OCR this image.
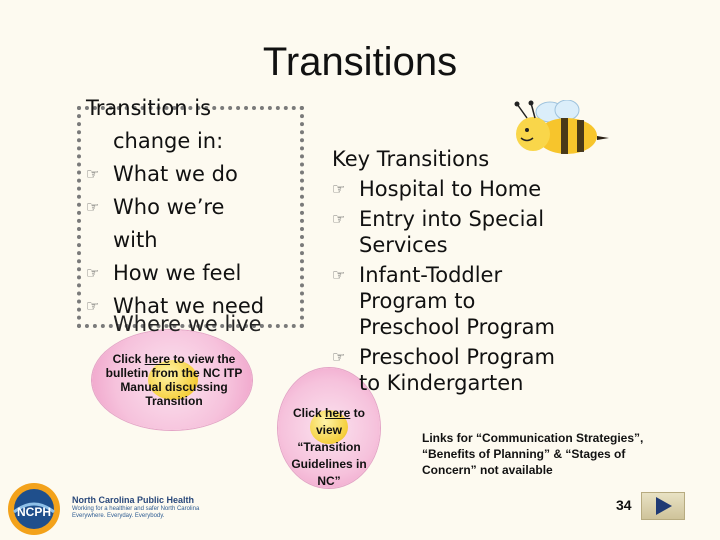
Transitions
Transition is
change in:
☞ What we do
☞ Who we’re
with
☞ How we feel
☞ What we need
Where we live
Click here to view the
bulletin from the NC ITP
Manual discussing
Transition
Key Transitions
☞ Hospital to Home
☞ Entry into Special
Services
☞ Infant-Toddler
Program to
Preschool Program
☞ Preschool Program
to Kindergarten
Click here to
view
“Transition
Guidelines in
NC”
Links for “Communication Strategies”,
“Benefits of Planning” & “Stages of
Concern” not available
NCPH
North Carolina Public Health
Working for a healthier and safer North Carolina
Everywhere. Everyday. Everybody.
34
